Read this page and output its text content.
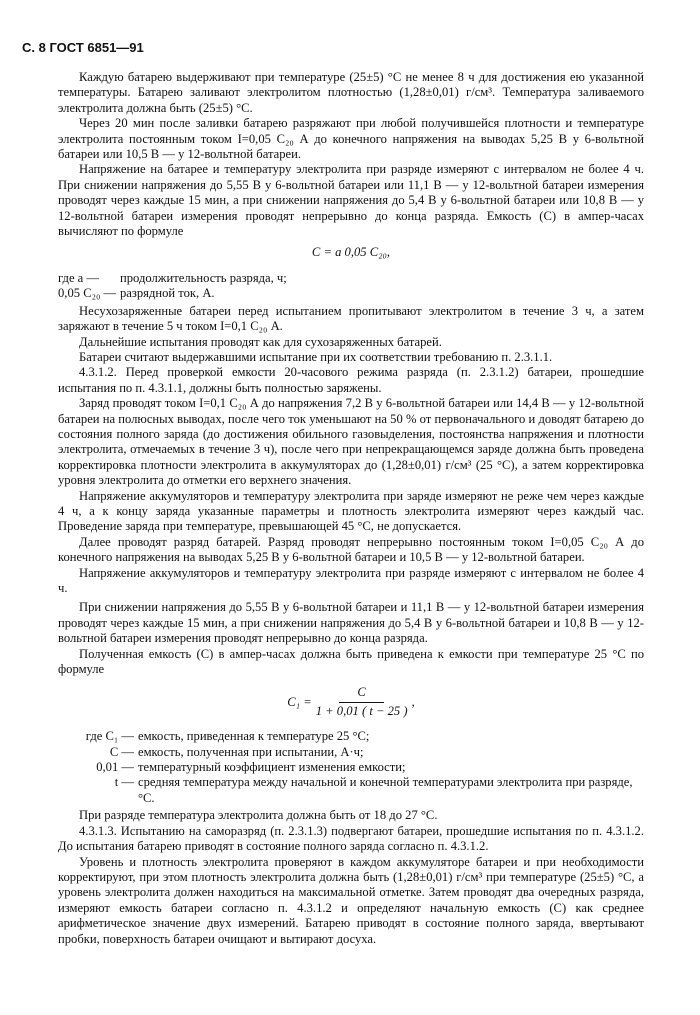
С. 8 ГОСТ 6851—91

Каждую батарею выдерживают при температуре (25±5) °С не менее 8 ч для достижения ею указанной температуры. Батарею заливают электролитом плотностью (1,28±0,01) г/см³. Температура заливаемого электролита должна быть (25±5) °С.

Через 20 мин после заливки батарею разряжают при любой получившейся плотности и температуре электролита постоянным током I=0,05 C₂₀ А до конечного напряжения на выводах 5,25 В у 6-вольтной батареи или 10,5 В — у 12-вольтной батареи.

Напряжение на батарее и температуру электролита при разряде измеряют с интервалом не более 4 ч. При снижении напряжения до 5,55 В у 6-вольтной батареи или 11,1 В — у 12-вольтной батареи измерения проводят через каждые 15 мин, а при снижении напряжения до 5,4 В у 6-вольтной батареи или 10,8 В — у 12-вольтной батареи измерения проводят непрерывно до конца разряда. Емкость (С) в ампер-часах вычисляют по формуле

C = a 0,05 C₂₀,
где a —	продолжительность разряда, ч;
0,05 C₂₀ — разрядной ток, А.

Несухозаряженные батареи перед испытанием пропитывают электролитом в течение 3 ч, а затем заряжают в течение 5 ч током I=0,1 C₂₀ А.

Дальнейшие испытания проводят как для сухозаряженных батарей.

Батареи считают выдержавшими испытание при их соответствии требованию п. 2.3.1.1.

4.3.1.2. Перед проверкой емкости 20-часового режима разряда (п. 2.3.1.2) батареи, прошедшие испытания по п. 4.3.1.1, должны быть полностью заряжены.

Заряд проводят током I=0,1 C₂₀ А до напряжения 7,2 В у 6-вольтной батареи или 14,4 В — у 12-вольтной батареи на полюсных выводах, после чего ток уменьшают на 50 % от первоначального и доводят батарею до состояния полного заряда (до достижения обильного газовыделения, постоянства напряжения и плотности электролита, отмечаемых в течение 3 ч), после чего при непрекращающемся заряде должна быть проведена корректировка плотности электролита в аккумуляторах до (1,28±0,01) г/см³ (25 °С), а затем корректировка уровня электролита до отметки его верхнего значения.

Напряжение аккумуляторов и температуру электролита при заряде измеряют не реже чем через каждые 4 ч, а к концу заряда указанные параметры и плотность электролита измеряют через каждый час. Проведение заряда при температуре, превышающей 45 °С, не допускается.

Далее проводят разряд батарей. Разряд проводят непрерывно постоянным током I=0,05 C₂₀ А до конечного напряжения на выводах 5,25 В у 6-вольтной батареи и 10,5 В — у 12-вольтной батареи.

Напряжение аккумуляторов и температуру электролита при разряде измеряют с интервалом не более 4 ч.

При снижении напряжения до 5,55 В у 6-вольтной батареи и 11,1 В — у 12-вольтной батареи измерения проводят через каждые 15 мин, а при снижении напряжения до 5,4 В у 6-вольтной батареи и 10,8 В — у 12-вольтной батареи измерения проводят непрерывно до конца разряда.

Полученная емкость (С) в ампер-часах должна быть приведена к емкости при температуре 25 °С по формуле

$C_1 = \frac{C}{1 + 0,01 ( t - 25 )}$ ,
где C₁ — емкость, приведенная к температуре 25 °С;
C — емкость, полученная при испытании, А·ч;
0,01 — температурный коэффициент изменения емкости;
t — средняя температура между начальной и конечной температурами электролита при разряде, °С.

При разряде температура электролита должна быть от 18 до 27 °С.

4.3.1.3. Испытанию на саморазряд (п. 2.3.1.3) подвергают батареи, прошедшие испытания по п. 4.3.1.2. До испытания батарею приводят в состояние полного заряда согласно п. 4.3.1.2.

Уровень и плотность электролита проверяют в каждом аккумуляторе батареи и при необходимости корректируют, при этом плотность электролита должна быть (1,28±0,01) г/см³ при температуре (25±5) °С, а уровень электролита должен находиться на максимальной отметке. Затем проводят два очередных разряда, измеряют емкость батареи согласно п. 4.3.1.2 и определяют начальную емкость (С) как среднее арифметическое значение двух измерений. Батарею приводят в состояние полного заряда, ввертывают пробки, поверхность батареи очищают и вытирают досуха.
